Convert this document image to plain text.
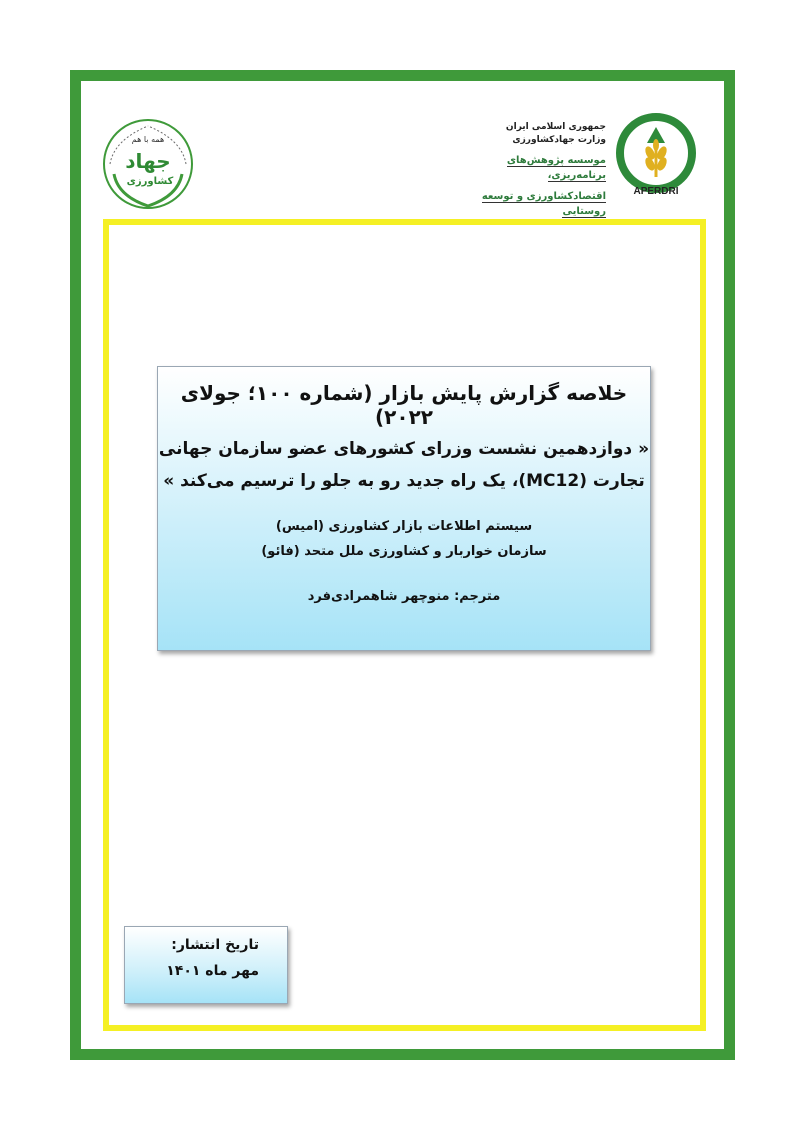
همه با هم
جهاد
کشاورزی
جمهوری اسلامی ایران
وزارت جهادکشاورزی
موسسه پژوهش‌های برنامه‌ریزی،
اقتصادکشاورزی و توسعه روستایی
APERDRI
خلاصه گزارش پایش بازار (شماره ۱۰۰؛ جولای ۲۰۲۲)
« دوازدهمین نشست وزرای کشورهای عضو سازمان جهانی
تجارت (MC12)، یک راه جدید رو به جلو را ترسیم می‌کند »
سیستم اطلاعات بازار کشاورزی (امیس)
سازمان خواربار و کشاورزی ملل متحد (فائو)
مترجم: منوچهر شاهمرادی‌فرد
تاریخ انتشار:
مهر ماه ۱۴۰۱
